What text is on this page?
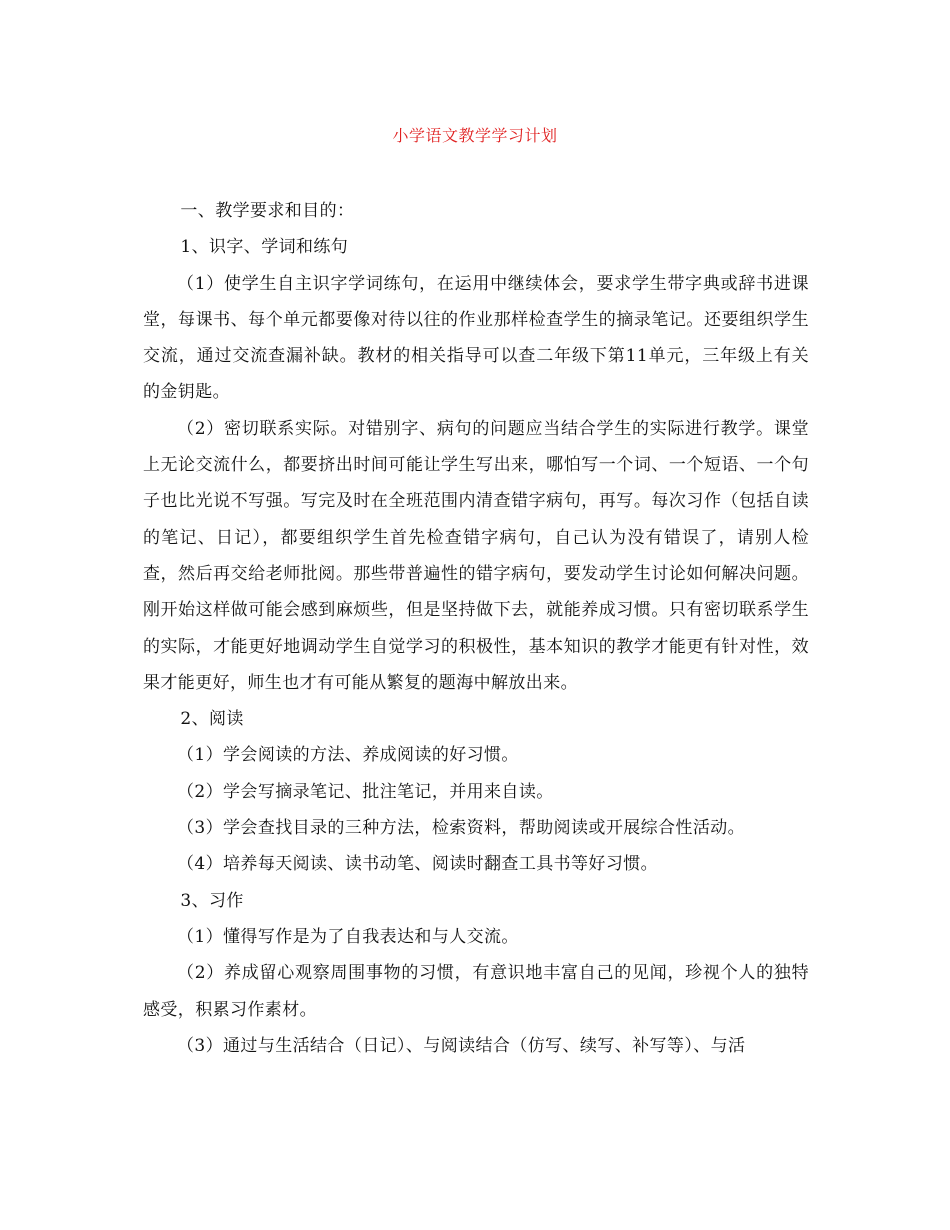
小学语文教学学习计划

一、教学要求和目的：

1、识字、学词和练句

（1）使学生自主识字学词练句，在运用中继续体会，要求学生带字典或辞书进课堂，每课书、每个单元都要像对待以往的作业那样检查学生的摘录笔记。还要组织学生交流，通过交流查漏补缺。教材的相关指导可以查二年级下第11单元，三年级上有关的金钥匙。

（2）密切联系实际。对错别字、病句的问题应当结合学生的实际进行教学。课堂上无论交流什么，都要挤出时间可能让学生写出来，哪怕写一个词、一个短语、一个句子也比光说不写强。写完及时在全班范围内清查错字病句，再写。每次习作（包括自读的笔记、日记），都要组织学生首先检查错字病句，自己认为没有错误了，请别人检查，然后再交给老师批阅。那些带普遍性的错字病句，要发动学生讨论如何解决问题。刚开始这样做可能会感到麻烦些，但是坚持做下去，就能养成习惯。只有密切联系学生的实际，才能更好地调动学生自觉学习的积极性，基本知识的教学才能更有针对性，效果才能更好，师生也才有可能从繁复的题海中解放出来。

2、阅读

（1）学会阅读的方法、养成阅读的好习惯。

（2）学会写摘录笔记、批注笔记，并用来自读。

（3）学会查找目录的三种方法，检索资料，帮助阅读或开展综合性活动。

（4）培养每天阅读、读书动笔、阅读时翻查工具书等好习惯。

3、习作

（1）懂得写作是为了自我表达和与人交流。

（2）养成留心观察周围事物的习惯，有意识地丰富自己的见闻，珍视个人的独特感受，积累习作素材。

（3）通过与生活结合（日记）、与阅读结合（仿写、续写、补写等）、与活
